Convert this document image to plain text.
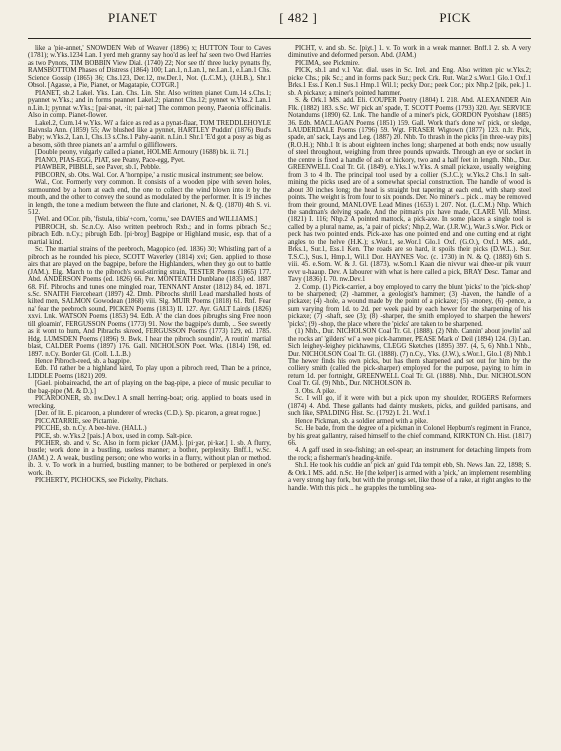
PIANET	[ 482 ]	PICK

like a 'pie-annet,' SNOWDEN Web of Weaver (1896) x; HUTTON Tour to Caves (1781); w.Yks.1234 Lan. I yerd meh granny say hoo'd as leef ha' seen two Owd Harries as two Pynots, TIM BOBBIN View Dial. (1740) 22; Nor see th' three lucky pynatts fly, RAMSBOTTOM Phases of Distress (1864) 100; Lan.1, n.Lan.1, ne.Lan.1, e.Lan.1 Chs. Science Gossip (1865) 36; Chs.123, Der.12, nw.Der.1, Not. (L.C.M.), (J.H.B.), Shr.1 Obsol. [Agasse, a Pie, Pianet, or Magatapie, COTGR.]

PIANET, sb.2 Lakel. Yks. Lan. Chs. Lin. Shr. Also written pianet Cum.14 s.Chs.1; pyannet w.Yks.; and in forms peannet Lakel.2; piannot Chs.12; pynnet w.Yks.2 Lan.1 n.Lin.1; pynnat w.Yks.; [pai·ənət, ·it; pai·nət] The common peony, Paeonia officinalis. Also in comp. Pianet-flower.

Lakel.2, Cum.14 w.Yks. Wi' a faice as red as a pynat-flaar, TOM TREDDLEHOYLE Baivnsla Ann. (1859) 55; Aw blushed like a pynnet, HARTLEY Puddin' (1876) Bud's Baby; w.Yks.2, Lan.1, Chs.13 s.Chs.1 Pahy-aanit. n.Lin.1 Shr.1 'E'd got a posy as big as a besom, söth three pianets an' a armful o gilliflowers.

[Double peony, vulgarly called a pianet, HOLME Armoury (1688) bk. ii. 71.]

PIANO, PIAS-EGG, PIAT, see Peany, Pace-egg, Pyet.

PIAWBER, PIBBLE, see Paver, sb.1, Pebble.

PIBCORN, sb. Obs. Wal. Cor. A 'hornpipe,' a rustic musical instrument; see below.

Wal., Cor. Formerly very common. It consists of a wooden pipe with seven holes, surmounted by a horn at each end, the one to collect the wind blown into it by the mouth, and the other to convey the sound as modulated by the performer. It is 19 inches in length, the tone a medium between the flute and clarionet, N. & Q. (1870) 4th S. vi. 512.

[Wel. and OCor. pib, 'fistula, tibia'+corn, 'cornu,' see DAVIES and WILLIAMS.]

PIBROCH, sb. Sc.n.Cy. Also written peebroch Rxb.; and in forms pibrach Sc.; pibrach Edb. n.Cy.; pibrugh Edb. [pi·broχ] Bagpipe or Highland music, esp. that of a martial kind.

Sc. The martial strains of the peebroch, Magopico (ed. 1836) 30; Whistling part of a pibroch as he rounded his piece, SCOTT Waverley (1814) xvi; Gen. applied to those airs that are played on the bagpipe, before the Highlanders, when they go out to battle (JAM.). Elg. March to the pibroch's soul-stirring strain, TESTER Poems (1865) 177. Abd. ANDERSON Poems (ed. 1826) 66. Per. MONTEATH Dunblane (1835) ed. 1887 68. Fif. Pibrochs and tunes one mingled roar, TENNANT Anster (1812) 84, ed. 1871. s.Sc. SNAITH Fierceheart (1897) 42. Dmb. Pibrochs shrill Lead marshalled hosts of kilted men, SALMON Gowodean (1868) viii. Slg. MUIR Poems (1818) 61. Rnf. Fear na' fear the peebroch sound, PICKEN Poems (1813) II. 127. Ayr. GALT Lairds (1826) xxvi. Lnk. WATSON Poems (1853) 94. Edb. A' the clan does pibrughs sing Free noon till gloamin', FERGUSSON Poems (1773) 91. Now the bagpipe's dumb, .. See sweetly as it wont to hum, And Pibrachs skreed, FERGUSSON Poems (1773) 129, ed. 1785. Hdg. LUMSDEN Poems (1896) 9. Bwk. I hear the pibroch soundin', A routin' martial blast, CALDER Poems (1897) 176. Gall. NICHOLSON Poet. Wks. (1814) 198, ed. 1897. n.Cy. Border Gl. (Coll. L.L.B.)

Hence Pibroch-reed, sb. a bagpipe.

Edb. I'd rather be a highland laird, To play upon a pibroch reed, Than be a prince, LIDDLE Poems (1821) 209.

[Gael. piobaireachd, the art of playing on the bag-pipe, a piece of music peculiar to the bag-pipe (M. & D.).]

PICAROONER, sb. nw.Dev.1 A small herring-boat; orig. applied to boats used in wrecking.

[Der. of lit. E. picaroon, a plunderer of wrecks (C.D.). Sp. picaron, a great rogue.]

PICCATARRIE, see Pictarnie.

PICCHE, sb. n.Cy. A bee-hive. (HALL.)

PICE, sb. w.Yks.2 [pais.] A box, used in comp. Salt-pice.

PICHER, sb. and v. Sc. Also in form picker (JAM.). [pi·χər, pi·kər.] 1. sb. A flurry, bustle; work done in a bustling, useless manner; a bother, perplexity. Bnff.1, w.Sc. (JAM.) 2. A weak, bustling person; one who works in a flurry, without plan or method. ib. 3. v. To work in a hurried, bustling manner; to be bothered or perplexed in one's work. ib.

PICHERTY, PICHOCKS, see Pickelty, Pitchats.

PICHT, v. and sb. Sc. [piχt.] 1. v. To work in a weak manner. Bnff.1 2. sb. A very diminutive and deformed person. Abd. (JAM.)

PICIMA, see Pickmire.

PICK, sb.1 and v.1 Var. dial. uses in Sc. Irel. and Eng. Also written pic w.Yks.2; picke Chs.; pik Sc.; and in forms pack Sur.; peck Crk. Rut. War.2 s.Wor.1 Glo.1 Oxf.1 Brks.1 Ess.1 Ken.1 Sus.1 Hmp.1 Wil.1; pecky Dor.; peek Cor.; pix Nhp.2 [pik, pek.] 1. sb. A pickaxe; a miner's pointed hammer.

S. & Ork.1 MS. add. Eli. COUPER Poetry (1804) I. 218. Abd. ALEXANDER Ain Flk. (1882) 183. s.Sc. Wi' pick an' spade, T. SCOTT Poems (1793) 320. Ayr. SERVICE Notandums (1890) 62. Lnk. The handle of a miner's pick, GORDON Pyotshaw (1885) 36. Edb. MACLAGAN Poems (1851) 159. Gall. Work that's done wi' pick, or sledge, LAUDERDALE Poems (1796) 59. Wgt. FRASER Wigtown (1877) 123. n.Ir. Pick, spade, an' sack, Lays and Leg. (1887) 20. Nhb. To thrash in the picks [in three-way pits] (R.O.H.); Nhb.1 It is about eighteen inches long; sharpened at both ends; now usually of steel throughout, weighing from three pounds upwards. Through an eye or socket in the centre is fixed a handle of ash or hickory, two and a half feet in length. Nhb., Dur. GREENWELL Coal Tr. Gl. (1849). e.Yks.1 w.Yks. A small pickaxe, usually weighing from 3 to 4 lb. The principal tool used by a collier (S.J.C.); w.Yks.2 Chs.1 In salt-mining the picks used are of a somewhat special construction. The handle of wood is about 30 inches long; the head is straight but tapering at each end, with sharp steel points. The weight is from four to six pounds. Der. No miner's .. pick .. may be removed from their ground, MANLOVE Lead Mines (1653) l. 207. Not. (L.C.M.) Nhp. Which the sandman's delving spade, And the pitman's pix have made, CLARE Vill. Minst. (1821) I. 116; Nhp.2 A pointed mattock, a pick-axe. In some places a single tool is called by a plural name, as, 'a pair of picks'; Nhp.2, War. (J.R.W.), War.3 s.Wor. Pick or peck has two pointed ends. Pick-axe has one pointed end and one cutting end at right angles to the helve (H.K.); s.Wor.1, se.Wor.1 Glo.1 Oxf. (G.O.), Oxf.1 MS. add., Brks.1, Sur.1, Ess.1 Ken. The roads are so hard, it spoils their picks (D.W.L.). Sur. T.S.C.), Sus.1, Hmp.1, Wil.1 Dor. HAYNES Voc. (c. 1730) in N. & Q. (1883) 6th S. viii. 45. e.Som. W. & J. Gl. (1873). w.Som.1 Kaan die nivvur wai dhee-ur pik vuurr evvr u-haaup. Dev. A labourer with what is here called a pick, BRAY Desc. Tamar and Tavy (1836) I. 70. nw.Dev.1

2. Comp. (1) Pick-carrier, a boy employed to carry the blunt 'picks' to the 'pick-shop' to be sharpened; (2) -hammer, a geologist's hammer; (3) -haven, the handle of a pickaxe; (4) -hole, a wound made by the point of a pickaxe; (5) -money, (6) -pence, a sum varying from 1d. to 2d. per week paid by each hewer for the sharpening of his pickaxe; (7) -shaft, see (3); (8) -sharper, the smith employed to sharpen the hewers' 'picks'; (9) -shop, the place where the 'picks' are taken to be sharpened.

(1) Nhb., Dur. NICHOLSON Coal Tr. Gl. (1888). (2) Nhb. Cannin' about jowlin' aal the rocks an' 'gilders' wi' a wee pick-hammer, PEASE Mark o' Deil (1894) 124. (3) Lan. Sich leighey-leighey pickhawms, CLEGG Sketches (1895) 397. (4, 5, 6) Nhb.1 Nhb., Dur. NICHOLSON Coal Tr. Gl. (1888). (7) n.Cy., Yks. (J.W.), s.Wor.1, Glo.1 (8) Nhb.1 The hewer finds his own picks, but has them sharpened and set out for him by the colliery smith (called the pick-sharper) employed for the purpose, paying to him in return 1d. per fortnight, GREENWELL Coal Tr. Gl. (1888). Nhb., Dur. NICHOLSON Coal Tr. Gl. (9) Nhb., Dur. NICHOLSON ib.

3. Obs. A pike.

Sc. I will go, if it were with but a pick upon my shoulder, ROGERS Reformers (1874) 4. Abd. These gallants had dainty muskets, picks, and guilded partisans, and such like, SPALDING Hist. Sc. (1792) I. 21. Wxf.1

Hence Pickman, sb. a soldier armed with a pike.

Sc. He bade, from the degree of a pickman in Colonel Hepburn's regiment in France, by his great gallantry, raised himself to the chief command, KIRKTON Ch. Hist. (1817) 66.

4. A gaff used in sea-fishing; an eel-spear; an instrument for detaching limpets from the rock; a fisherman's heading-knife.

Sh.I. He took his cuddie an' pick an' guid I'da tempit ebb, Sh. News Jan. 22, 1898; S. & Ork.1 MS. add. n.Sc. He [the kelper] is armed with a 'pick,' an implement resembling a very strong hay fork, but with the prongs set, like those of a rake, at right angles to the handle. With this pick .. he grapples the tumbling sea-
